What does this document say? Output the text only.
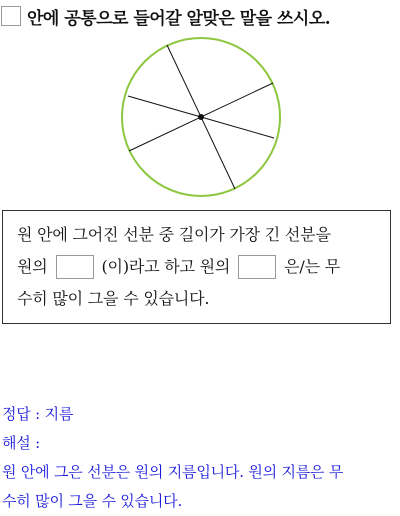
안에 공통으로 들어갈 알맞은 말을 쓰시오.
원 안에 그어진 선분 중 길이가 가장 긴 선분을
원의	(이)라고 하고 원의	은/는 무
수히 많이 그을 수 있습니다.
정답 : 지름
해설 :
원 안에 그은 선분은 원의 지름입니다. 원의 지름은 무
수히 많이 그을 수 있습니다.
